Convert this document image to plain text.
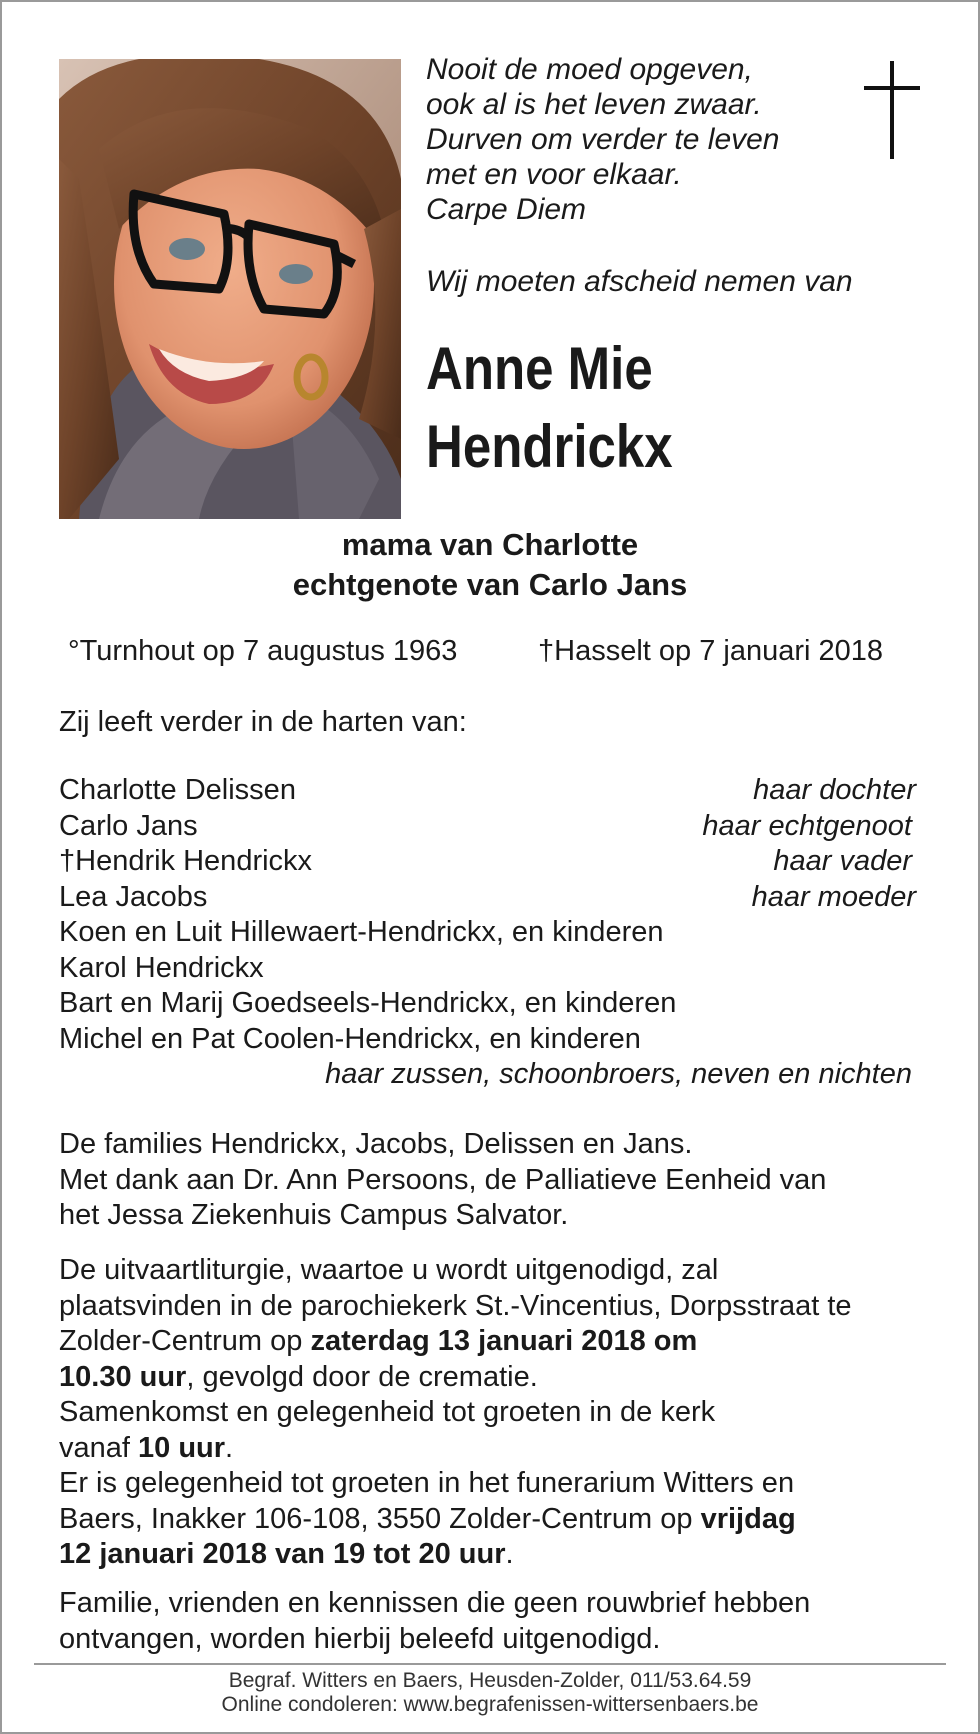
Nooit de moed opgeven,
ook al is het leven zwaar.
Durven om verder te leven
met en voor elkaar.
Carpe Diem
Wij moeten afscheid nemen van
Anne Mie
Hendrickx
mama van Charlotte
echtgenote van Carlo Jans
°Turnhout op 7 augustus 1963	†Hasselt op 7 januari 2018
Zij leeft verder in de harten van:
Charlotte Delissen	haar dochter
Carlo Jans	haar echtgenoot
†Hendrik Hendrickx	haar vader
Lea Jacobs	haar moeder
Koen en Luit Hillewaert-Hendrickx, en kinderen
Karol Hendrickx
Bart en Marij Goedseels-Hendrickx, en kinderen
Michel en Pat Coolen-Hendrickx, en kinderen
haar zussen, schoonbroers, neven en nichten
De families Hendrickx, Jacobs, Delissen en Jans.
Met dank aan Dr. Ann Persoons, de Palliatieve Eenheid van
het Jessa Ziekenhuis Campus Salvator.
De uitvaartliturgie, waartoe u wordt uitgenodigd, zal
plaatsvinden in de parochiekerk St.-Vincentius, Dorpsstraat te
Zolder-Centrum op zaterdag 13 januari 2018 om
10.30 uur, gevolgd door de crematie.
Samenkomst en gelegenheid tot groeten in de kerk
vanaf 10 uur.
Er is gelegenheid tot groeten in het funerarium Witters en
Baers, Inakker 106-108, 3550 Zolder-Centrum op vrijdag
12 januari 2018 van 19 tot 20 uur.
Familie, vrienden en kennissen die geen rouwbrief hebben
ontvangen, worden hierbij beleefd uitgenodigd.
Begraf. Witters en Baers, Heusden-Zolder, 011/53.64.59
Online condoleren: www.begrafenissen-wittersenbaers.be
